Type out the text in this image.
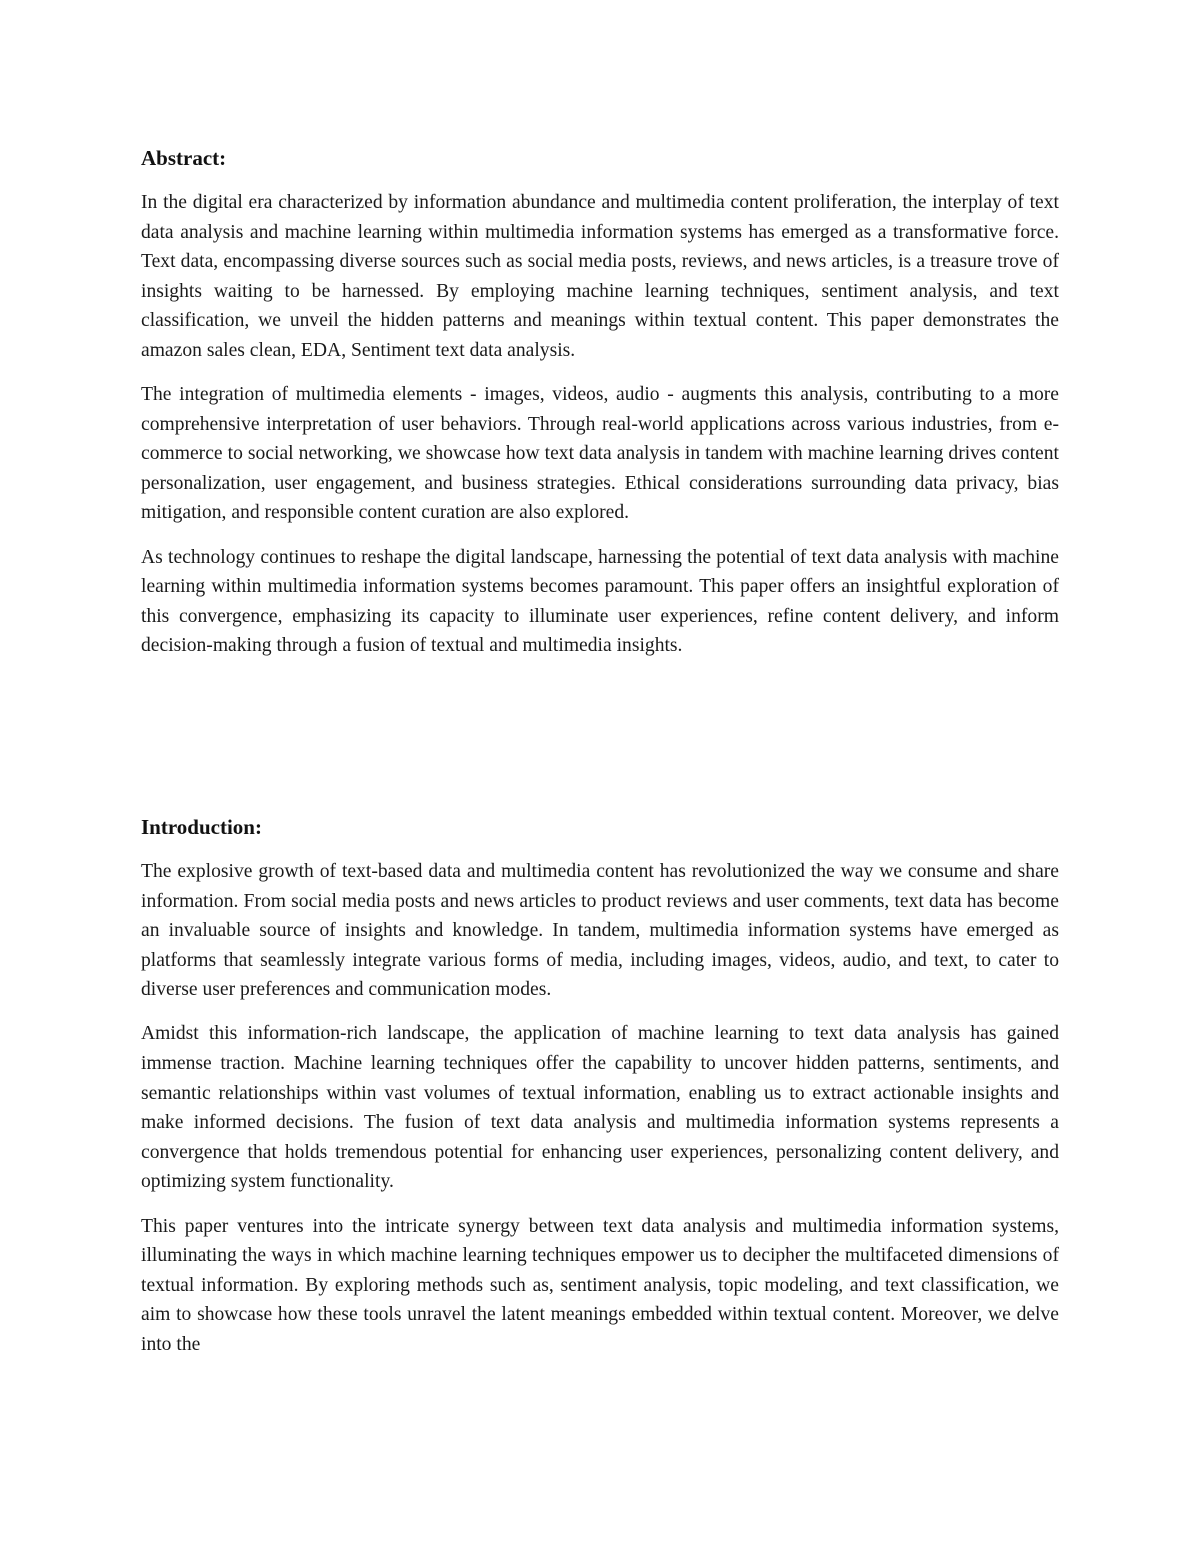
Abstract:

In the digital era characterized by information abundance and multimedia content proliferation, the interplay of text data analysis and machine learning within multimedia information systems has emerged as a transformative force. Text data, encompassing diverse sources such as social media posts, reviews, and news articles, is a treasure trove of insights waiting to be harnessed. By employing machine learning techniques, sentiment analysis, and text classification, we unveil the hidden patterns and meanings within textual content. This paper demonstrates the amazon sales clean, EDA, Sentiment text data analysis.

The integration of multimedia elements - images, videos, audio - augments this analysis, contributing to a more comprehensive interpretation of user behaviors. Through real-world applications across various industries, from e-commerce to social networking, we showcase how text data analysis in tandem with machine learning drives content personalization, user engagement, and business strategies. Ethical considerations surrounding data privacy, bias mitigation, and responsible content curation are also explored.

As technology continues to reshape the digital landscape, harnessing the potential of text data analysis with machine learning within multimedia information systems becomes paramount. This paper offers an insightful exploration of this convergence, emphasizing its capacity to illuminate user experiences, refine content delivery, and inform decision-making through a fusion of textual and multimedia insights.

Introduction:

The explosive growth of text-based data and multimedia content has revolutionized the way we consume and share information. From social media posts and news articles to product reviews and user comments, text data has become an invaluable source of insights and knowledge. In tandem, multimedia information systems have emerged as platforms that seamlessly integrate various forms of media, including images, videos, audio, and text, to cater to diverse user preferences and communication modes.

Amidst this information-rich landscape, the application of machine learning to text data analysis has gained immense traction. Machine learning techniques offer the capability to uncover hidden patterns, sentiments, and semantic relationships within vast volumes of textual information, enabling us to extract actionable insights and make informed decisions. The fusion of text data analysis and multimedia information systems represents a convergence that holds tremendous potential for enhancing user experiences, personalizing content delivery, and optimizing system functionality.

This paper ventures into the intricate synergy between text data analysis and multimedia information systems, illuminating the ways in which machine learning techniques empower us to decipher the multifaceted dimensions of textual information. By exploring methods such as, sentiment analysis, topic modeling, and text classification, we aim to showcase how these tools unravel the latent meanings embedded within textual content. Moreover, we delve into the
